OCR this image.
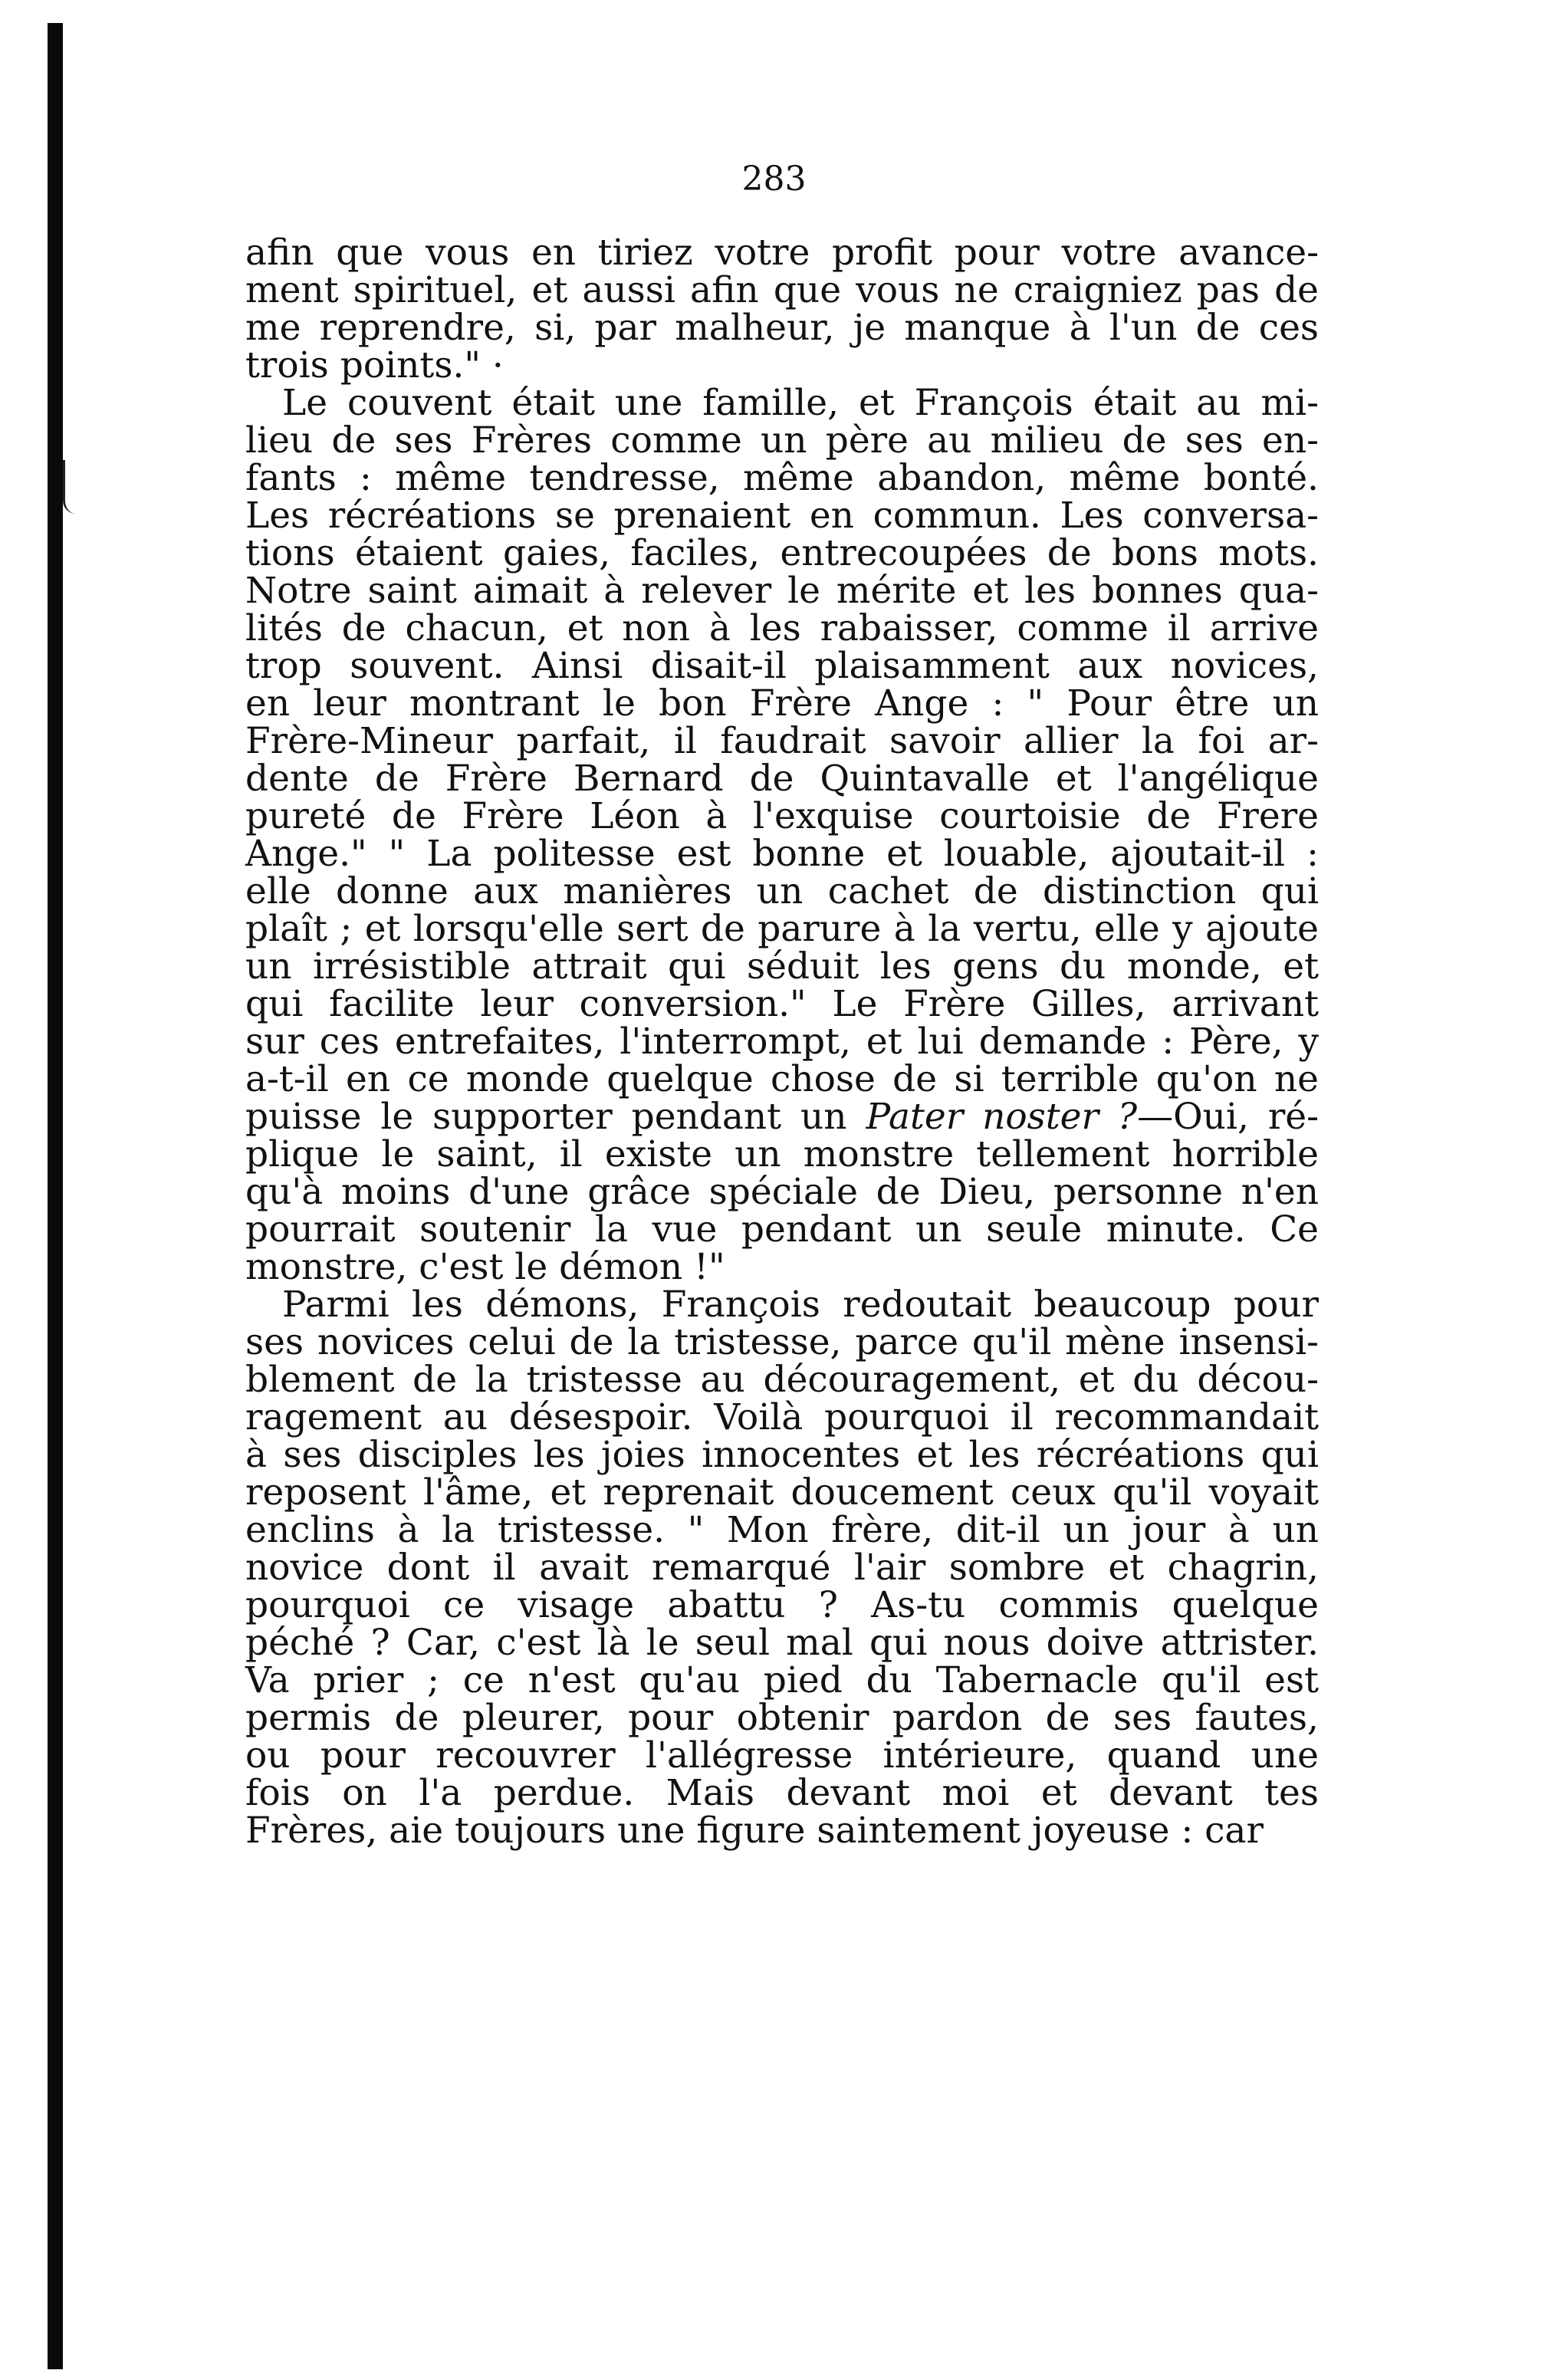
283

afin que vous en tiriez votre profit pour votre avance-
ment spirituel, et aussi afin que vous ne craigniez pas de
me reprendre, si, par malheur, je manque à l'un de ces
trois points." ·

Le couvent était une famille, et François était au mi-
lieu de ses Frères comme un père au milieu de ses en-
fants : même tendresse, même abandon, même bonté.
Les récréations se prenaient en commun. Les conversa-
tions étaient gaies, faciles, entrecoupées de bons mots.
Notre saint aimait à relever le mérite et les bonnes qua-
lités de chacun, et non à les rabaisser, comme il arrive
trop souvent. Ainsi disait-il plaisamment aux novices,
en leur montrant le bon Frère Ange : " Pour être un
Frère-Mineur parfait, il faudrait savoir allier la foi ar-
dente de Frère Bernard de Quintavalle et l'angélique
pureté de Frère Léon à l'exquise courtoisie de Frere
Ange." " La politesse est bonne et louable, ajoutait-il :
elle donne aux manières un cachet de distinction qui
plaît ; et lorsqu'elle sert de parure à la vertu, elle y ajoute
un irrésistible attrait qui séduit les gens du monde, et
qui facilite leur conversion." Le Frère Gilles, arrivant
sur ces entrefaites, l'interrompt, et lui demande : Père, y
a-t-il en ce monde quelque chose de si terrible qu'on ne
puisse le supporter pendant un Pater noster ?—Oui, ré-
plique le saint, il existe un monstre tellement horrible
qu'à moins d'une grâce spéciale de Dieu, personne n'en
pourrait soutenir la vue pendant un seule minute. Ce
monstre, c'est le démon !"

Parmi les démons, François redoutait beaucoup pour
ses novices celui de la tristesse, parce qu'il mène insensi-
blement de la tristesse au découragement, et du décou-
ragement au désespoir. Voilà pourquoi il recommandait
à ses disciples les joies innocentes et les récréations qui
reposent l'âme, et reprenait doucement ceux qu'il voyait
enclins à la tristesse. " Mon frère, dit-il un jour à un
novice dont il avait remarqué l'air sombre et chagrin,
pourquoi ce visage abattu ? As-tu commis quelque
péché ? Car, c'est là le seul mal qui nous doive attrister.
Va prier ; ce n'est qu'au pied du Tabernacle qu'il est
permis de pleurer, pour obtenir pardon de ses fautes,
ou pour recouvrer l'allégresse intérieure, quand une
fois on l'a perdue. Mais devant moi et devant tes
Frères, aie toujours une figure saintement joyeuse : car
